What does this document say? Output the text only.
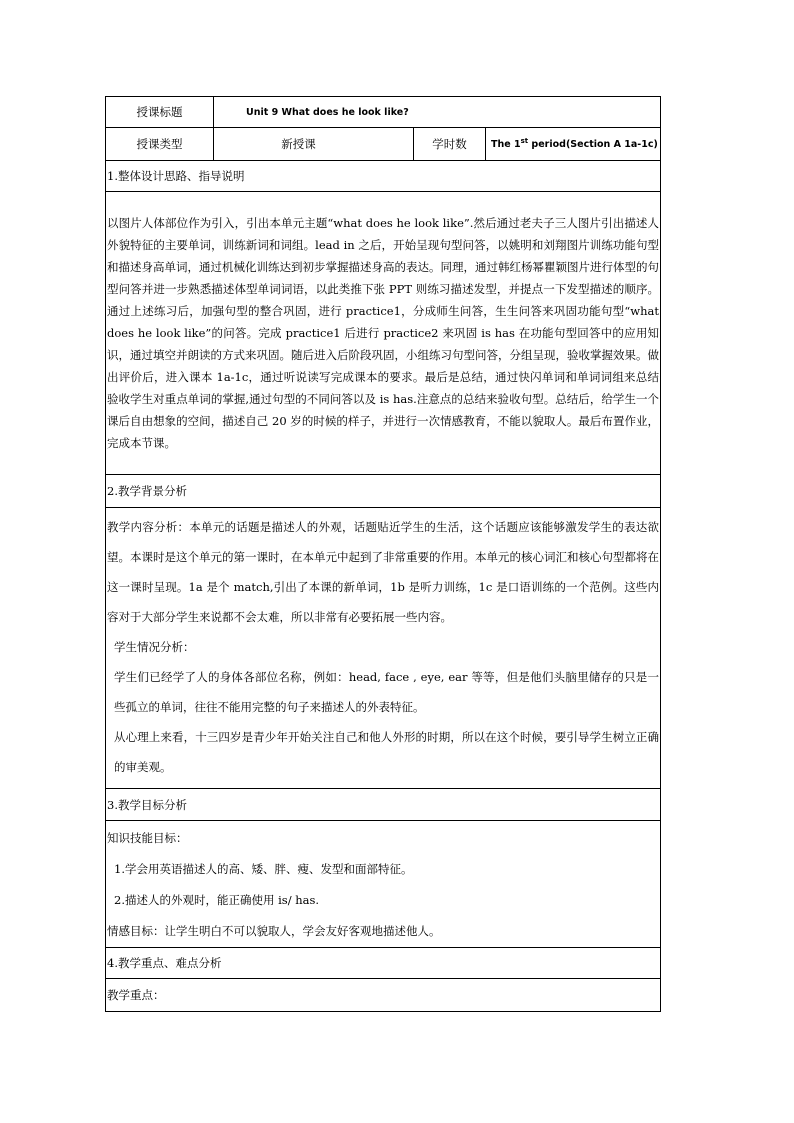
授课标题	Unit 9 What does he look like?		
授课类型	新授课	学时数	The 1st period(Section A 1a-1c)
1.整体设计思路、指导说明			

以图片人体部位作为引入，引出本单元主题“what does he look like”.然后通过老夫子三人图片引出描述人外貌特征的主要单词，训练新词和词组。lead in 之后，开始呈现句型问答，以姚明和刘翔图片训练功能句型和描述身高单词，通过机械化训练达到初步掌握描述身高的表达。同理，通过韩红杨幂瞿颖图片进行体型的句型问答并进一步熟悉描述体型单词词语，以此类推下张 PPT 则练习描述发型，并提点一下发型描述的顺序。通过上述练习后，加强句型的整合巩固，进行 practice1，分成师生问答，生生问答来巩固功能句型“what does he look like”的问答。完成 practice1 后进行 practice2 来巩固 is has 在功能句型回答中的应用知识，通过填空并朗读的方式来巩固。随后进入后阶段巩固，小组练习句型问答，分组呈现，验收掌握效果。做出评价后，进入课本 1a-1c，通过听说读写完成课本的要求。最后是总结，通过快闪单词和单词词组来总结验收学生对重点单词的掌握,通过句型的不同问答以及 is has.注意点的总结来验收句型。总结后，给学生一个课后自由想象的空间，描述自己 20 岁的时候的样子，并进行一次情感教育，不能以貌取人。最后布置作业，完成本节课。			

2.教学背景分析			

教学内容分析：本单元的话题是描述人的外观，话题贴近学生的生活，这个话题应该能够激发学生的表达欲望。本课时是这个单元的第一课时，在本单元中起到了非常重要的作用。本单元的核心词汇和核心句型都将在这一课时呈现。1a 是个 match,引出了本课的新单词，1b 是听力训练，1c 是口语训练的一个范例。这些内容对于大部分学生来说都不会太难，所以非常有必要拓展一些内容。
学生情况分析：
学生们已经学了人的身体各部位名称，例如：head, face , eye, ear 等等，但是他们头脑里储存的只是一些孤立的单词，往往不能用完整的句子来描述人的外表特征。
从心理上来看，十三四岁是青少年开始关注自己和他人外形的时期，所以在这个时候，要引导学生树立正确的审美观。			

3.教学目标分析			

知识技能目标：
1.学会用英语描述人的高、矮、胖、瘦、发型和面部特征。
2.描述人的外观时，能正确使用 is/ has.
情感目标：让学生明白不可以貌取人，学会友好客观地描述他人。			

4.教学重点、难点分析			
教学重点：			
